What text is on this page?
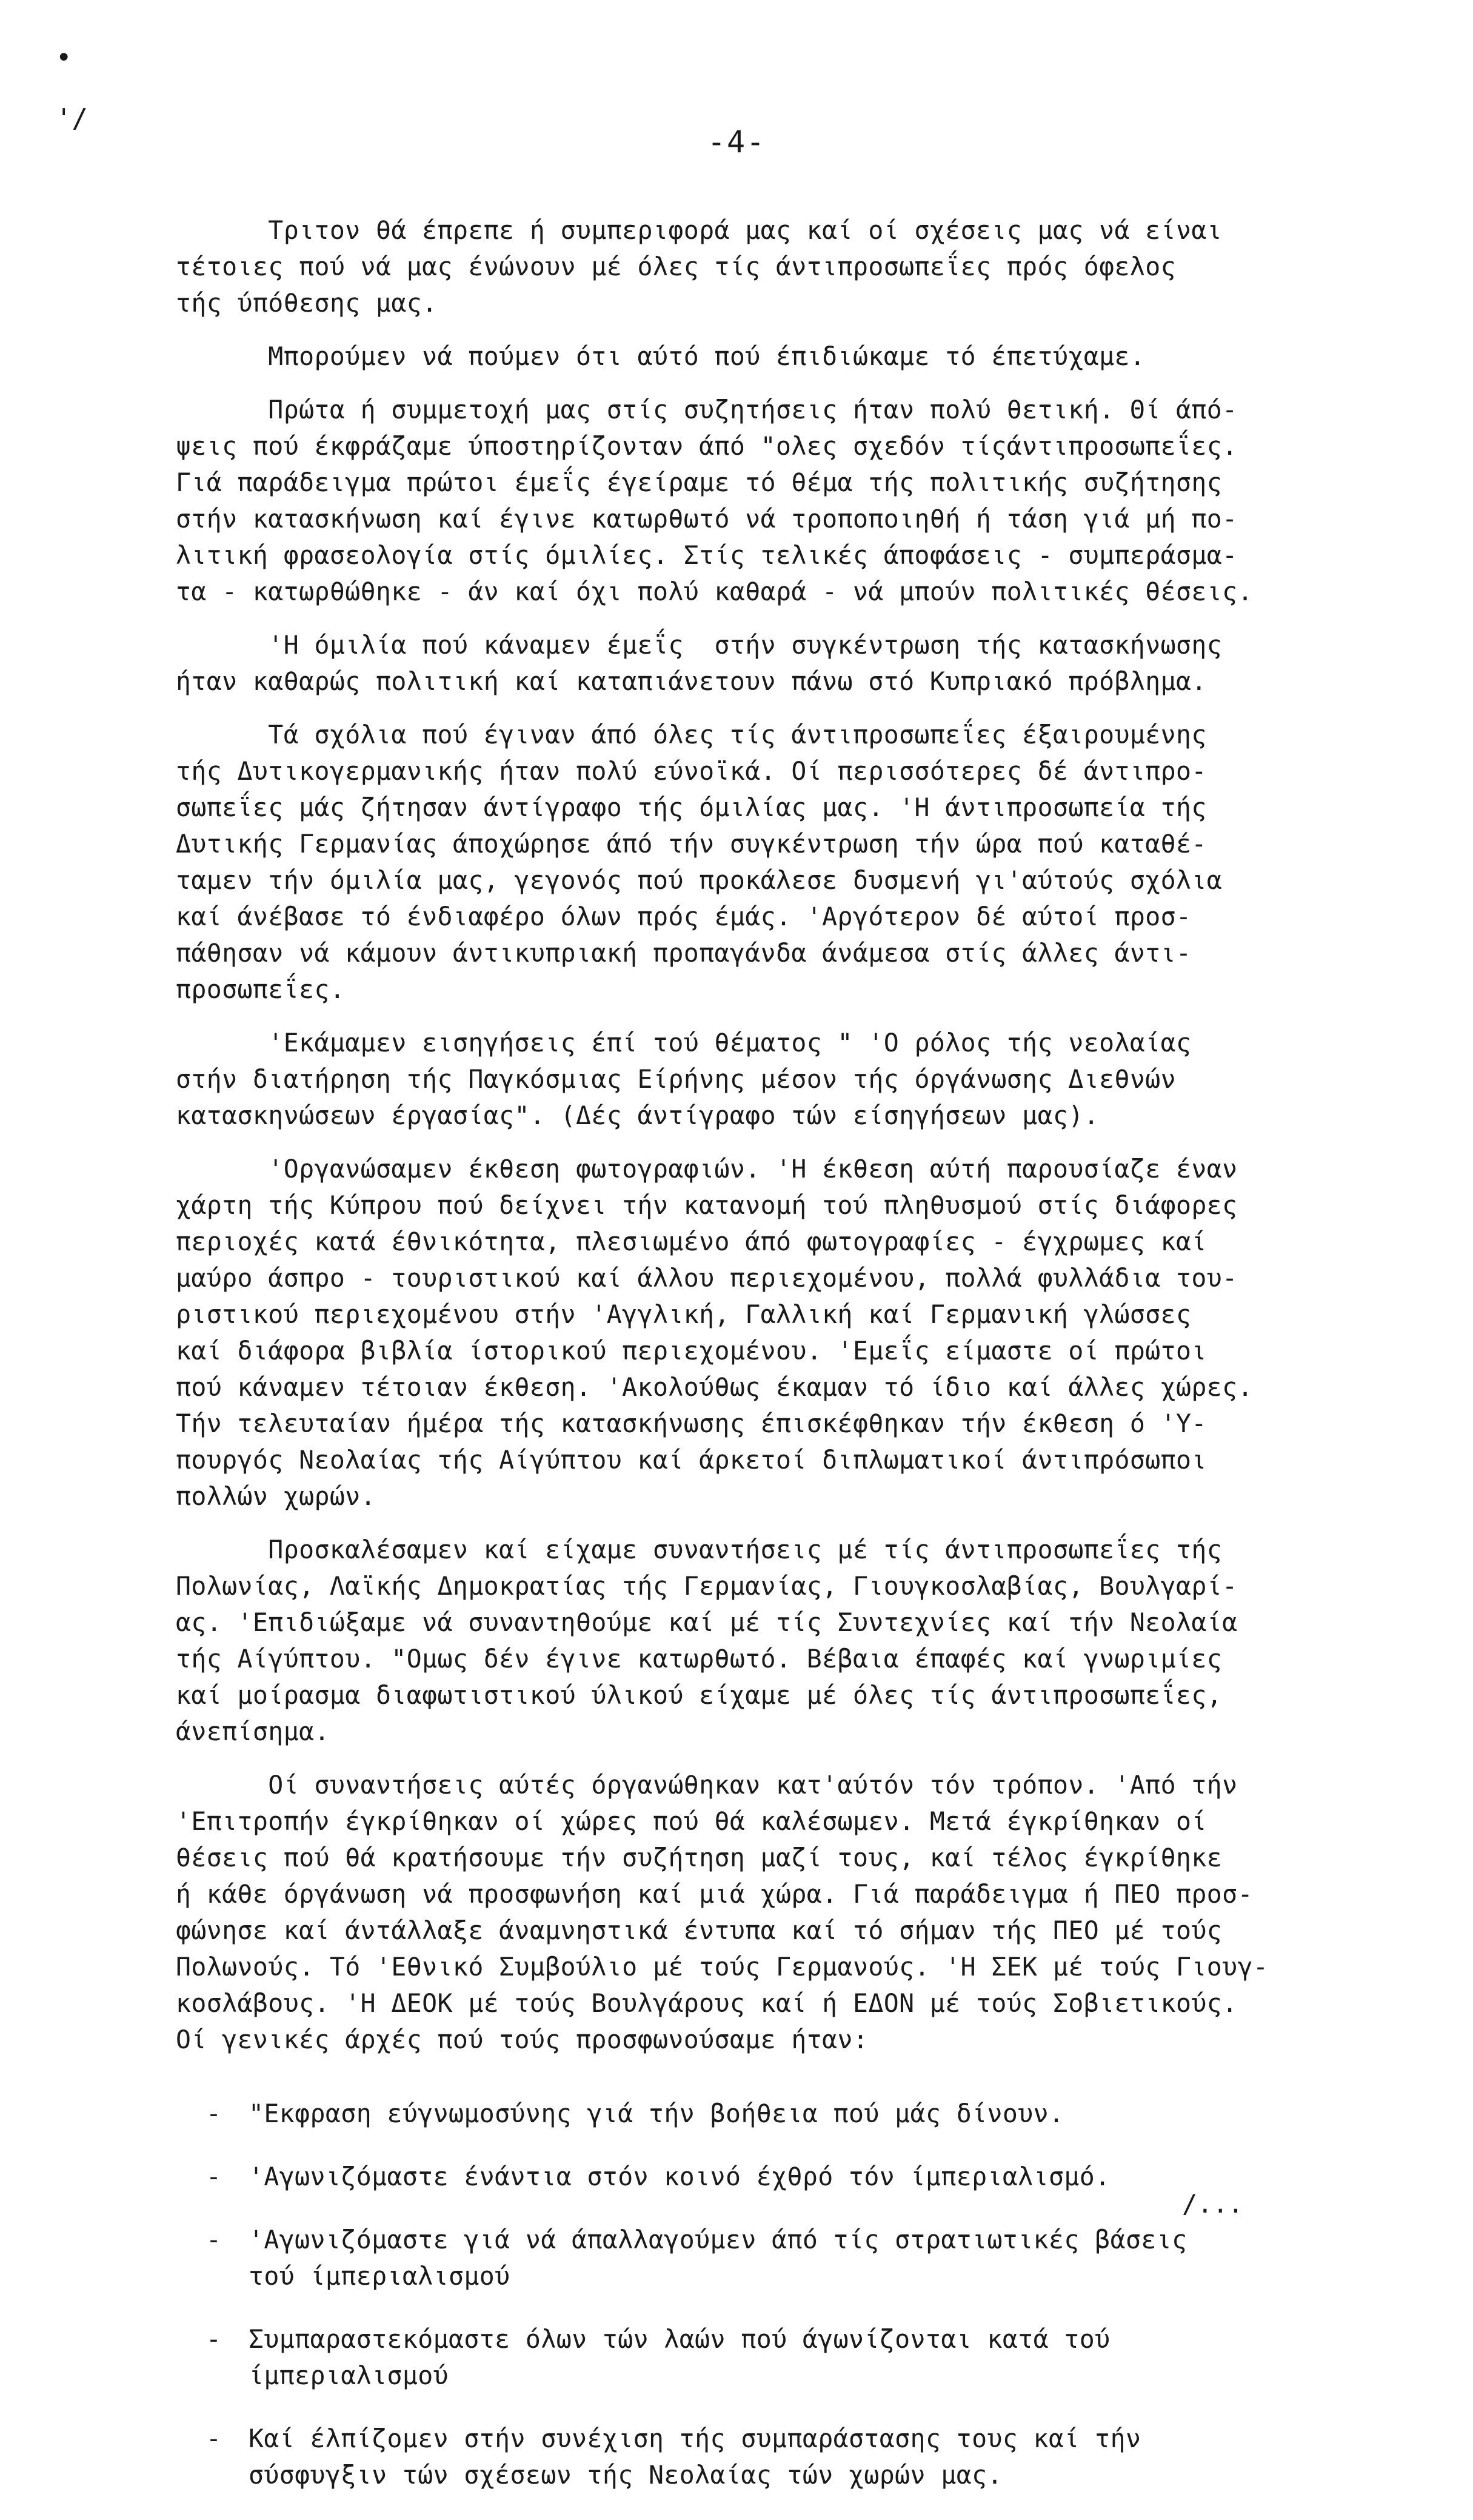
•
'/
-4-
Τριτον θά έπρεπε ή συμπεριφορά μας καί οί σχέσεις μας νά είναι
τέτοιες πού νά μας ένώνουν μέ όλες τίς άντιπροσωπεΐες πρός όφελος
τής ύπόθεσης μας.
Μπορούμεν νά πούμεν ότι αύτό πού έπιδιώκαμε τό έπετύχαμε.
Πρώτα ή συμμετοχή μας στίς συζητήσεις ήταν πολύ θετική. Θί άπό-
ψεις πού έκφράζαμε ύποστηρίζονταν άπό "ολες σχεδόν τίςάντιπροσωπεΐες.
Γιά παράδειγμα πρώτοι έμεΐς έγείραμε τό θέμα τής πολιτικής συζήτησης
στήν κατασκήνωση καί έγινε κατωρθωτό νά τροποποιηθή ή τάση γιά μή πο-
λιτική φρασεολογία στίς όμιλίες. Στίς τελικές άποφάσεις - συμπεράσμα-
τα - κατωρθώθηκε - άν καί όχι πολύ καθαρά - νά μπούν πολιτικές θέσεις.
'Η όμιλία πού κάναμεν έμεΐς  στήν συγκέντρωση τής κατασκήνωσης
ήταν καθαρώς πολιτική καί καταπιάνετουν πάνω στό Κυπριακό πρόβλημα.
Τά σχόλια πού έγιναν άπό όλες τίς άντιπροσωπεΐες έξαιρουμένης
τής Δυτικογερμανικής ήταν πολύ εύνοϊκά. Οί περισσότερες δέ άντιπρο-
σωπεΐες μάς ζήτησαν άντίγραφο τής όμιλίας μας. 'Η άντιπροσωπεία τής
Δυτικής Γερμανίας άποχώρησε άπό τήν συγκέντρωση τήν ώρα πού καταθέ-
ταμεν τήν όμιλία μας, γεγονός πού προκάλεσε δυσμενή γι'αύτούς σχόλια
καί άνέβασε τό ένδιαφέρο όλων πρός έμάς. 'Αργότερον δέ αύτοί προσ-
πάθησαν νά κάμουν άντικυπριακή προπαγάνδα άνάμεσα στίς άλλες άντι-
προσωπεΐες.
'Εκάμαμεν εισηγήσεις έπί τού θέματος " 'Ο ρόλος τής νεολαίας
στήν διατήρηση τής Παγκόσμιας Είρήνης μέσον τής όργάνωσης Διεθνών
κατασκηνώσεων έργασίας". (Δές άντίγραφο τών είσηγήσεων μας).
'Οργανώσαμεν έκθεση φωτογραφιών. 'Η έκθεση αύτή παρουσίαζε έναν
χάρτη τής Κύπρου πού δείχνει τήν κατανομή τού πληθυσμού στίς διάφορες
περιοχές κατά έθνικότητα, πλεσιωμένο άπό φωτογραφίες - έγχρωμες καί
μαύρο άσπρο - τουριστικού καί άλλου περιεχομένου, πολλά φυλλάδια του-
ριστικού περιεχομένου στήν 'Αγγλική, Γαλλική καί Γερμανική γλώσσες
καί διάφορα βιβλία ίστορικού περιεχομένου. 'Εμεΐς είμαστε οί πρώτοι
πού κάναμεν τέτοιαν έκθεση. 'Ακολούθως έκαμαν τό ίδιο καί άλλες χώρες.
Τήν τελευταίαν ήμέρα τής κατασκήνωσης έπισκέφθηκαν τήν έκθεση ό 'Υ-
πουργός Νεολαίας τής Αίγύπτου καί άρκετοί διπλωματικοί άντιπρόσωποι
πολλών χωρών.
Προσκαλέσαμεν καί είχαμε συναντήσεις μέ τίς άντιπροσωπεΐες τής
Πολωνίας, Λαϊκής Δημοκρατίας τής Γερμανίας, Γιουγκοσλαβίας, Βουλγαρί-
ας. 'Επιδιώξαμε νά συναντηθούμε καί μέ τίς Συντεχνίες καί τήν Νεολαία
τής Αίγύπτου. "Ομως δέν έγινε κατωρθωτό. Βέβαια έπαφές καί γνωριμίες
καί μοίρασμα διαφωτιστικού ύλικού είχαμε μέ όλες τίς άντιπροσωπεΐες,
άνεπίσημα.
Οί συναντήσεις αύτές όργανώθηκαν κατ'αύτόν τόν τρόπον. 'Από τήν
'Επιτροπήν έγκρίθηκαν οί χώρες πού θά καλέσωμεν. Μετά έγκρίθηκαν οί
θέσεις πού θά κρατήσουμε τήν συζήτηση μαζί τους, καί τέλος έγκρίθηκε
ή κάθε όργάνωση νά προσφωνήση καί μιά χώρα. Γιά παράδειγμα ή ΠΕΟ προσ-
φώνησε καί άντάλλαξε άναμνηστικά έντυπα καί τό σήμαν τής ΠΕΟ μέ τούς
Πολωνούς. Τό 'Εθνικό Συμβούλιο μέ τούς Γερμανούς. 'Η ΣΕΚ μέ τούς Γιουγ-
κοσλάβους. 'Η ΔΕΟΚ μέ τούς Βουλγάρους καί ή ΕΔΟΝ μέ τούς Σοβιετικούς.
Οί γενικές άρχές πού τούς προσφωνούσαμε ήταν:
-	"Εκφραση εύγνωμοσύνης γιά τήν βοήθεια πού μάς δίνουν.
-	'Αγωνιζόμαστε ένάντια στόν κοινό έχθρό τόν ίμπεριαλισμό.
-	'Αγωνιζόμαστε γιά νά άπαλλαγούμεν άπό τίς στρατιωτικές βάσεις
τού ίμπεριαλισμού
-	Συμπαραστεκόμαστε όλων τών λαών πού άγωνίζονται κατά τού
ίμπεριαλισμού
-	Καί έλπίζομεν στήν συνέχιση τής συμπαράστασης τους καί τήν
σύσφυγξιν τών σχέσεων τής Νεολαίας τών χωρών μας.
/...
